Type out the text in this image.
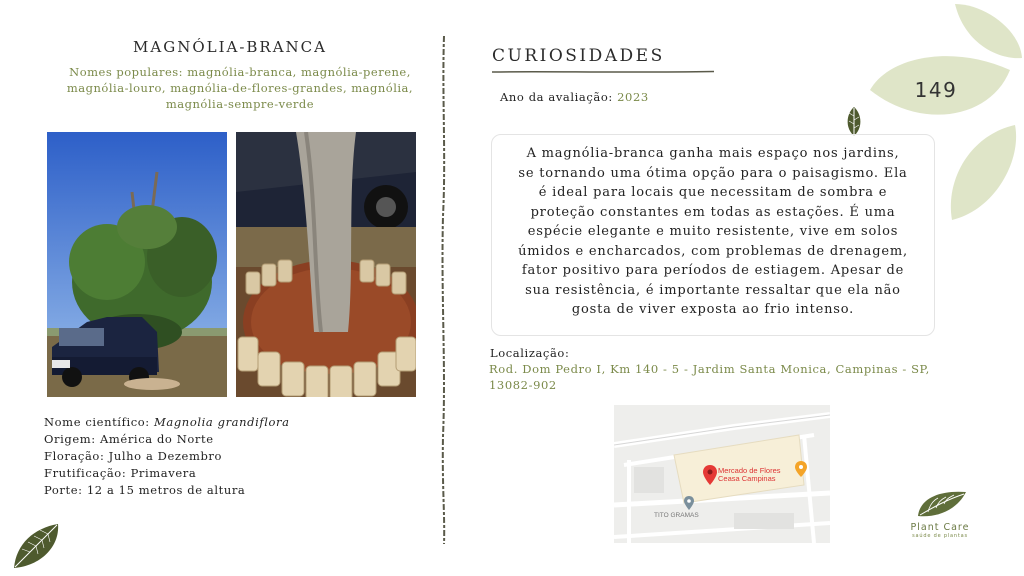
149
MAGNÓLIA-BRANCA
Nomes populares: magnólia-branca, magnólia-perene,
magnólia-louro, magnólia-de-flores-grandes, magnólia,
magnólia-sempre-verde
Nome científico: Magnolia grandiflora
Origem: América do Norte
Floração: Julho a Dezembro
Frutificação: Primavera
Porte: 12 a 15 metros de altura
CURIOSIDADES
Ano da avaliação: 2023
A magnólia-branca ganha mais espaço nos jardins,
se tornando uma ótima opção para o paisagismo. Ela
é ideal para locais que necessitam de sombra e
proteção constantes em todas as estações. É uma
espécie elegante e muito resistente, vive em solos
úmidos e encharcados, com problemas de drenagem,
fator positivo para períodos de estiagem. Apesar de
sua resistência, é importante ressaltar que ela não
gosta de viver exposta ao frio intenso.
Localização:
Rod. Dom Pedro I, Km 140 - 5 - Jardim Santa Monica, Campinas - SP,
13082-902
Mercado de Flores
Ceasa Campinas
TITO GRAMAS
Plant Care
saúde de plantas
